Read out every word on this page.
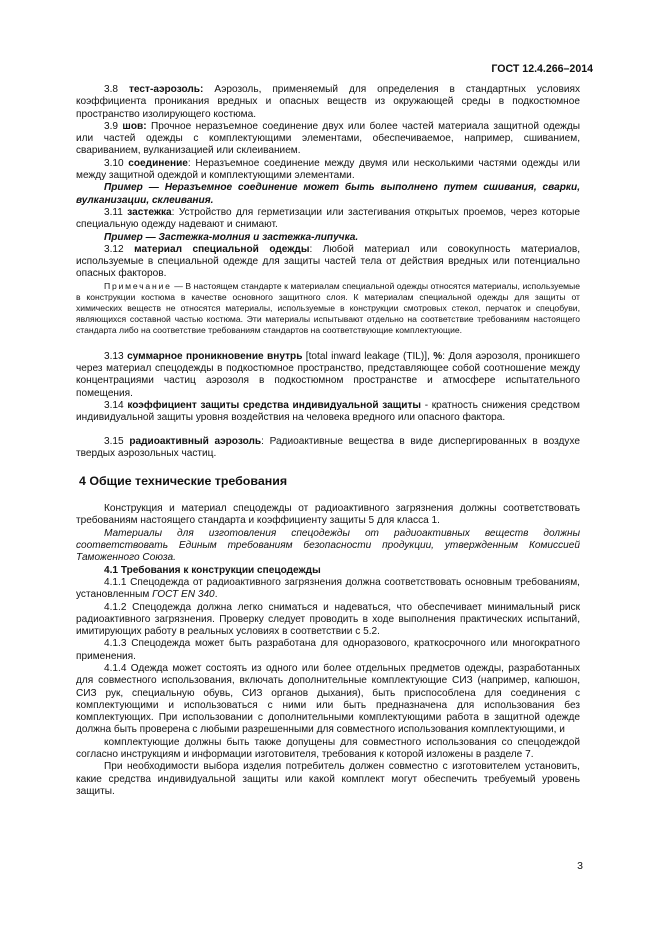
ГОСТ 12.4.266–2014

3.8 тест-аэрозоль: Аэрозоль, применяемый для определения в стандартных условиях коэффициента проникания вредных и опасных веществ из окружающей среды в подкостюмное пространство изолирующего костюма.

3.9 шов: Прочное неразъемное соединение двух или более частей материала защитной одежды или частей одежды с комплектующими элементами, обеспечиваемое, например, сшиванием, свариванием, вулканизацией или склеиванием.

3.10 соединение: Неразъемное соединение между двумя или несколькими частями одежды или между защитной одеждой и комплектующими элементами.

Пример — Неразъемное соединение может быть выполнено путем сшивания, сварки, вулканизации, склеивания.

3.11 застежка: Устройство для герметизации или застегивания открытых проемов, через которые специальную одежду надевают и снимают.

Пример — Застежка-молния и застежка-липучка.

3.12 материал специальной одежды: Любой материал или совокупность материалов, используемые в специальной одежде для защиты частей тела от действия вредных или потенциально опасных факторов.

Примечание — В настоящем стандарте к материалам специальной одежды относятся материалы, используемые в конструкции костюма в качестве основного защитного слоя. К материалам специальной одежды для защиты от химических веществ не относятся материалы, используемые в конструкции смотровых стекол, перчаток и спецобуви, являющихся составной частью костюма. Эти материалы испытывают отдельно на соответствие требованиям настоящего стандарта либо на соответствие требованиям стандартов на соответствующие комплектующие.

3.13 суммарное проникновение внутрь [total inward leakage (TIL)], %: Доля аэрозоля, проникшего через материал спецодежды в подкостюмное пространство, представляющее собой соотношение между концентрациями частиц аэрозоля в подкостюмном пространстве и атмосфере испытательного помещения.

3.14 коэффициент защиты средства индивидуальной защиты - кратность снижения средством индивидуальной защиты уровня воздействия на человека вредного или опасного фактора.

3.15 радиоактивный аэрозоль: Радиоактивные вещества в виде диспергированных в воздухе твердых аэрозольных частиц.

4 Общие технические требования

Конструкция и материал спецодежды от радиоактивного загрязнения должны соответствовать требованиям настоящего стандарта и коэффициенту защиты 5 для класса 1.

Материалы для изготовления спецодежды от радиоактивных веществ должны соответствовать Единым требованиям безопасности продукции, утвержденным Комиссией Таможенного Союза.

4.1 Требования к конструкции спецодежды

4.1.1 Спецодежда от радиоактивного загрязнения должна соответствовать основным требованиям, установленным ГОСТ EN 340.

4.1.2 Спецодежда должна легко сниматься и надеваться, что обеспечивает минимальный риск радиоактивного загрязнения. Проверку следует проводить в ходе выполнения практических испытаний, имитирующих работу в реальных условиях в соответствии с 5.2.

4.1.3 Спецодежда может быть разработана для одноразового, краткосрочного или многократного применения.

4.1.4 Одежда может состоять из одного или более отдельных предметов одежды, разработанных для совместного использования, включать дополнительные комплектующие СИЗ (например, капюшон, СИЗ рук, специальную обувь, СИЗ органов дыхания), быть приспособлена для соединения с комплектующими и использоваться с ними или быть предназначена для использования без комплектующих. При использовании с дополнительными комплектующими работа в защитной одежде должна быть проверена с любыми разрешенными для совместного использования комплектующими, и

комплектующие должны быть также допущены для совместного использования со спецодеждой согласно инструкциям и информации изготовителя, требования к которой изложены в разделе 7.

При необходимости выбора изделия потребитель должен совместно с изготовителем установить, какие средства индивидуальной защиты или какой комплект могут обеспечить требуемый уровень защиты.

3
